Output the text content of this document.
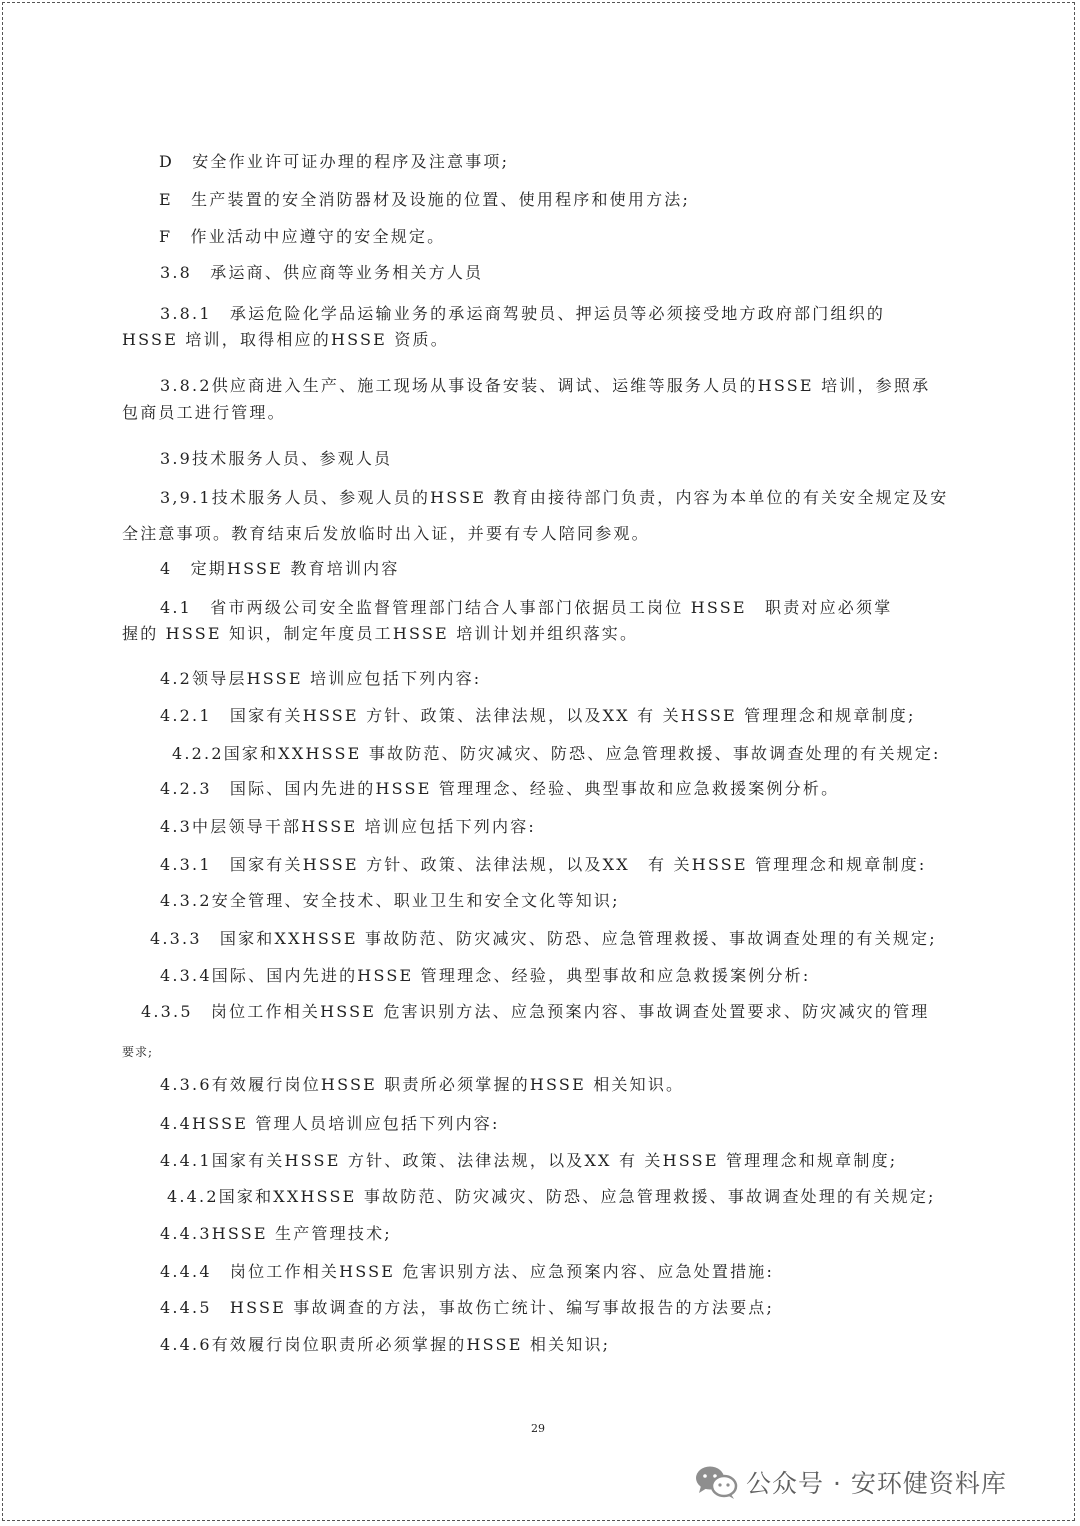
D　安全作业许可证办理的程序及注意事项;

E　生产装置的安全消防器材及设施的位置、使用程序和使用方法;

F　作业活动中应遵守的安全规定。

3.8　承运商、供应商等业务相关方人员

3.8.1　承运危险化学品运输业务的承运商驾驶员、押运员等必须接受地方政府部门组织的

HSSE 培训，取得相应的HSSE 资质。

3.8.2供应商进入生产、施工现场从事设备安装、调试、运维等服务人员的HSSE 培训，参照承

包商员工进行管理。

3.9技术服务人员、参观人员

3,9.1技术服务人员、参观人员的HSSE 教育由接待部门负责，内容为本单位的有关安全规定及安

全注意事项。教育结束后发放临时出入证，并要有专人陪同参观。

4　定期HSSE 教育培训内容

4.1　省市两级公司安全监督管理部门结合人事部门依据员工岗位 HSSE　职责对应必须掌

握的 HSSE 知识，制定年度员工HSSE 培训计划并组织落实。

4.2领导层HSSE 培训应包括下列内容:

4.2.1　国家有关HSSE 方针、政策、法律法规，以及XX 有 关HSSE 管理理念和规章制度;

4.2.2国家和XXHSSE 事故防范、防灾减灾、防恐、应急管理救援、事故调查处理的有关规定:

4.2.3　国际、国内先进的HSSE 管理理念、经验、典型事故和应急救援案例分析。

4.3中层领导干部HSSE 培训应包括下列内容:

4.3.1　国家有关HSSE 方针、政策、法律法规，以及XX　有 关HSSE 管理理念和规章制度:

4.3.2安全管理、安全技术、职业卫生和安全文化等知识;

4.3.3　国家和XXHSSE 事故防范、防灾减灾、防恐、应急管理救援、事故调查处理的有关规定;

4.3.4国际、国内先进的HSSE 管理理念、经验，典型事故和应急救援案例分析:

4.3.5　岗位工作相关HSSE 危害识别方法、应急预案内容、事故调查处置要求、防灾减灾的管理

要求;

4.3.6有效履行岗位HSSE 职责所必须掌握的HSSE 相关知识。

4.4HSSE 管理人员培训应包括下列内容:

4.4.1国家有关HSSE 方针、政策、法律法规，以及XX 有 关HSSE 管理理念和规章制度;

4.4.2国家和XXHSSE 事故防范、防灾减灾、防恐、应急管理救援、事故调查处理的有关规定;

4.4.3HSSE 生产管理技术;

4.4.4　岗位工作相关HSSE 危害识别方法、应急预案内容、应急处置措施:

4.4.5　HSSE 事故调查的方法，事故伤亡统计、编写事故报告的方法要点;

4.4.6有效履行岗位职责所必须掌握的HSSE 相关知识;

29
公众号 · 安环健资料库
